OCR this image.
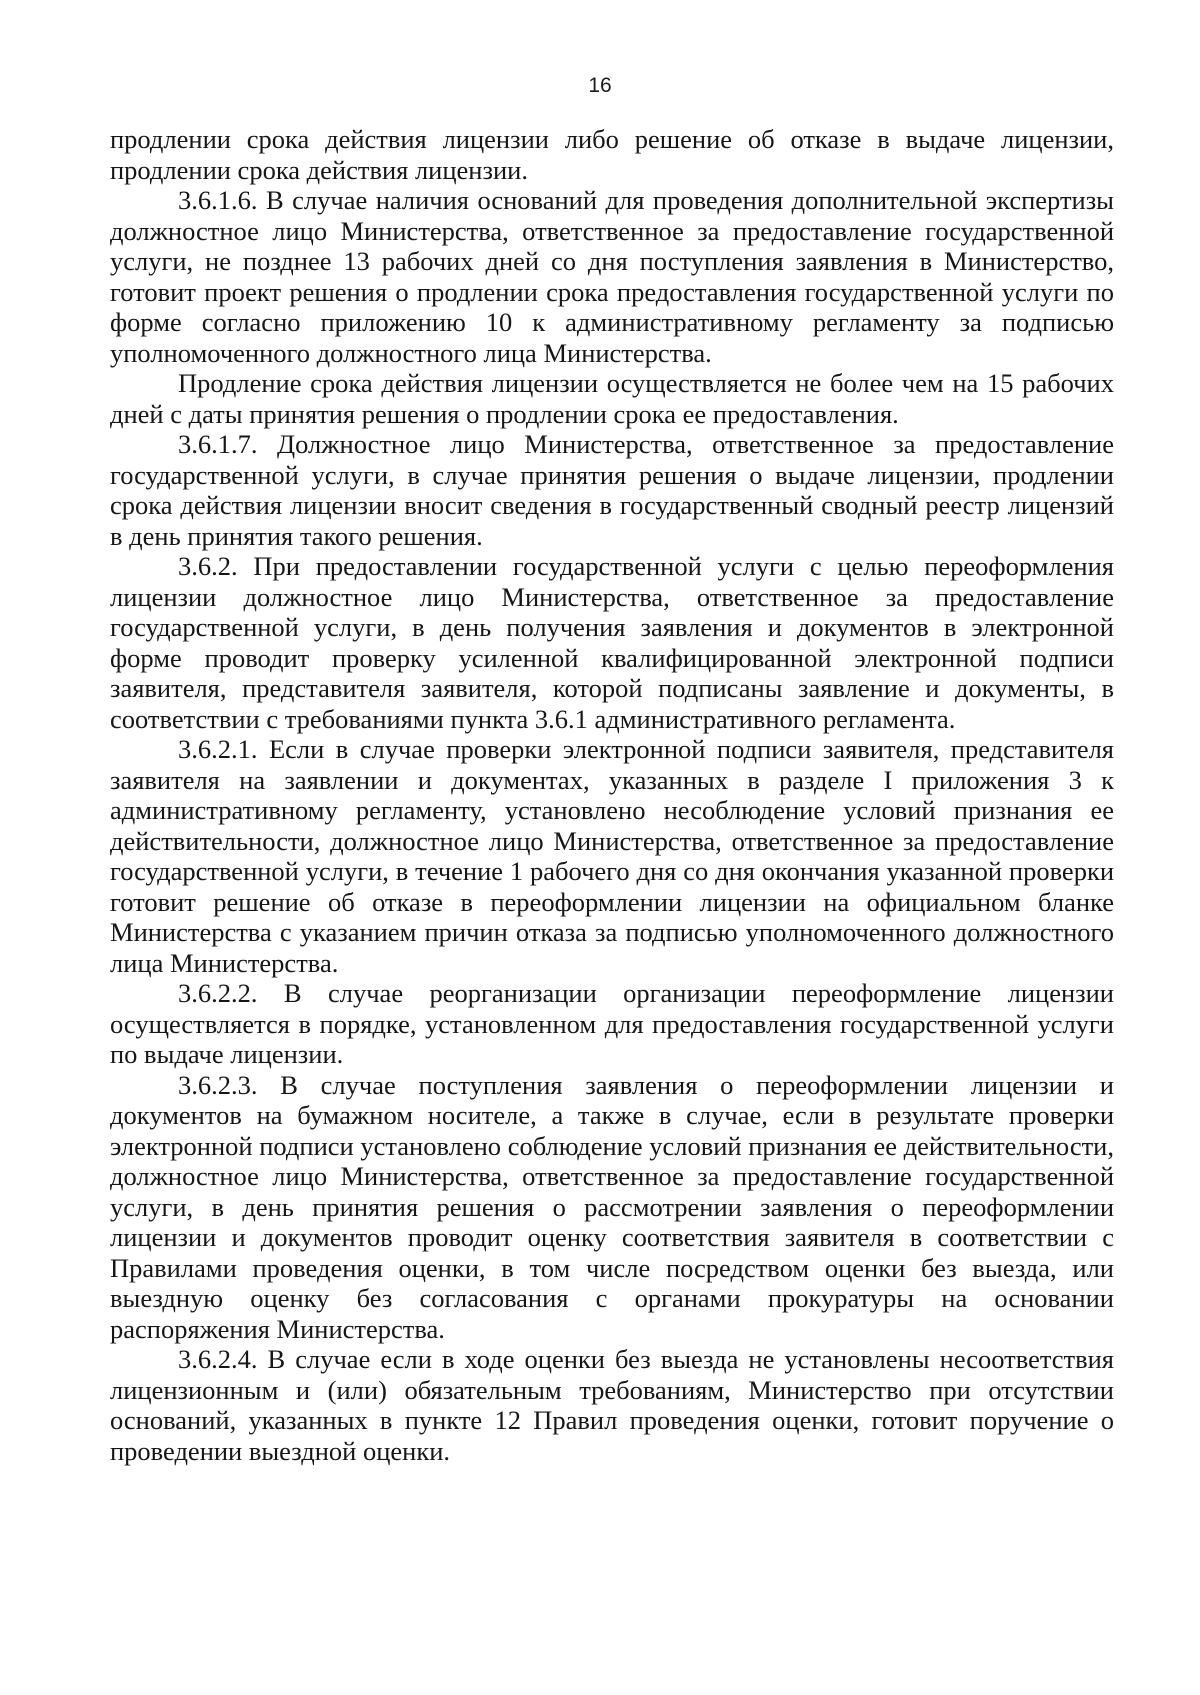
16

продлении срока действия лицензии либо решение об отказе в выдаче лицензии, продлении срока действия лицензии.

3.6.1.6. В случае наличия оснований для проведения дополнительной экспертизы должностное лицо Министерства, ответственное за предоставление государственной услуги, не позднее 13 рабочих дней со дня поступления заявления в Министерство, готовит проект решения о продлении срока предоставления государственной услуги по форме согласно приложению 10 к административному регламенту за подписью уполномоченного должностного лица Министерства.

Продление срока действия лицензии осуществляется не более чем на 15 рабочих дней с даты принятия решения о продлении срока ее предоставления.

3.6.1.7. Должностное лицо Министерства, ответственное за предоставление государственной услуги, в случае принятия решения о выдаче лицензии, продлении срока действия лицензии вносит сведения в государственный сводный реестр лицензий в день принятия такого решения.

3.6.2. При предоставлении государственной услуги с целью переоформления лицензии должностное лицо Министерства, ответственное за предоставление государственной услуги, в день получения заявления и документов в электронной форме проводит проверку усиленной квалифицированной электронной подписи заявителя, представителя заявителя, которой подписаны заявление и документы, в соответствии с требованиями пункта 3.6.1 административного регламента.

3.6.2.1. Если в случае проверки электронной подписи заявителя, представителя заявителя на заявлении и документах, указанных в разделе I приложения 3 к административному регламенту, установлено несоблюдение условий признания ее действительности, должностное лицо Министерства, ответственное за предоставление государственной услуги, в течение 1 рабочего дня со дня окончания указанной проверки готовит решение об отказе в переоформлении лицензии на официальном бланке Министерства с указанием причин отказа за подписью уполномоченного должностного лица Министерства.

3.6.2.2. В случае реорганизации организации переоформление лицензии осуществляется в порядке, установленном для предоставления государственной услуги по выдаче лицензии.

3.6.2.3. В случае поступления заявления о переоформлении лицензии и документов на бумажном носителе, а также в случае, если в результате проверки электронной подписи установлено соблюдение условий признания ее действительности, должностное лицо Министерства, ответственное за предоставление государственной услуги, в день принятия решения о рассмотрении заявления о переоформлении лицензии и документов проводит оценку соответствия заявителя в соответствии с Правилами проведения оценки, в том числе посредством оценки без выезда, или выездную оценку без согласования с органами прокуратуры на основании распоряжения Министерства.

3.6.2.4. В случае если в ходе оценки без выезда не установлены несоответствия лицензионным и (или) обязательным требованиям, Министерство при отсутствии оснований, указанных в пункте 12 Правил проведения оценки, готовит поручение о проведении выездной оценки.
